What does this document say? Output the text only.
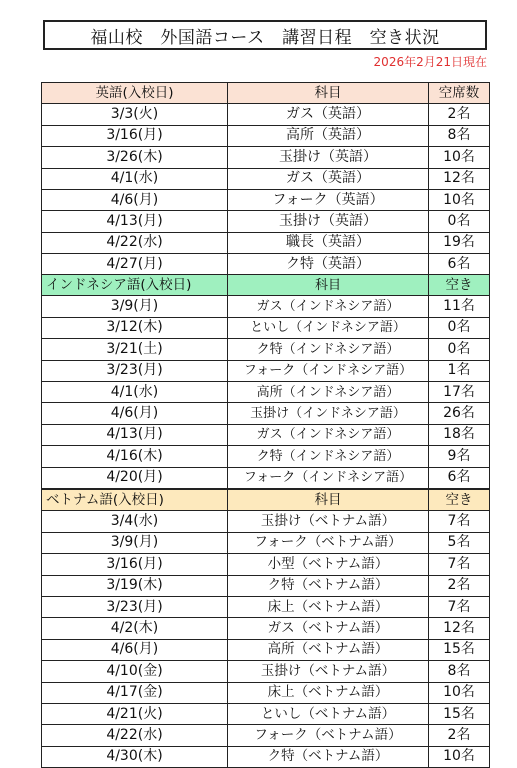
福山校　外国語コース　講習日程　空き状況
2026年2月21日現在
英語(入校日)	科目	空席数
3/3(火)	ガス（英語）	2名
3/16(月)	高所（英語）	8名
3/26(木)	玉掛け（英語）	10名
4/1(水)	ガス（英語）	12名
4/6(月)	フォーク（英語）	10名
4/13(月)	玉掛け（英語）	0名
4/22(水)	職長（英語）	19名
4/27(月)	ク特（英語）	6名
インドネシア語(入校日)	科目	空き
3/9(月)	ガス（インドネシア語）	11名
3/12(木)	といし（インドネシア語）	0名
3/21(土)	ク特（インドネシア語）	0名
3/23(月)	フォーク（インドネシア語）	1名
4/1(水)	高所（インドネシア語）	17名
4/6(月)	玉掛け（インドネシア語）	26名
4/13(月)	ガス（インドネシア語）	18名
4/16(木)	ク特（インドネシア語）	9名
4/20(月)	フォーク（インドネシア語）	6名
ベトナム語(入校日)	科目	空き
3/4(水)	玉掛け（ベトナム語）	7名
3/9(月)	フォーク（ベトナム語）	5名
3/16(月)	小型（ベトナム語）	7名
3/19(木)	ク特（ベトナム語）	2名
3/23(月)	床上（ベトナム語）	7名
4/2(木)	ガス（ベトナム語）	12名
4/6(月)	高所（ベトナム語）	15名
4/10(金)	玉掛け（ベトナム語）	8名
4/17(金)	床上（ベトナム語）	10名
4/21(火)	といし（ベトナム語）	15名
4/22(水)	フォーク（ベトナム語）	2名
4/30(木)	ク特（ベトナム語）	10名
